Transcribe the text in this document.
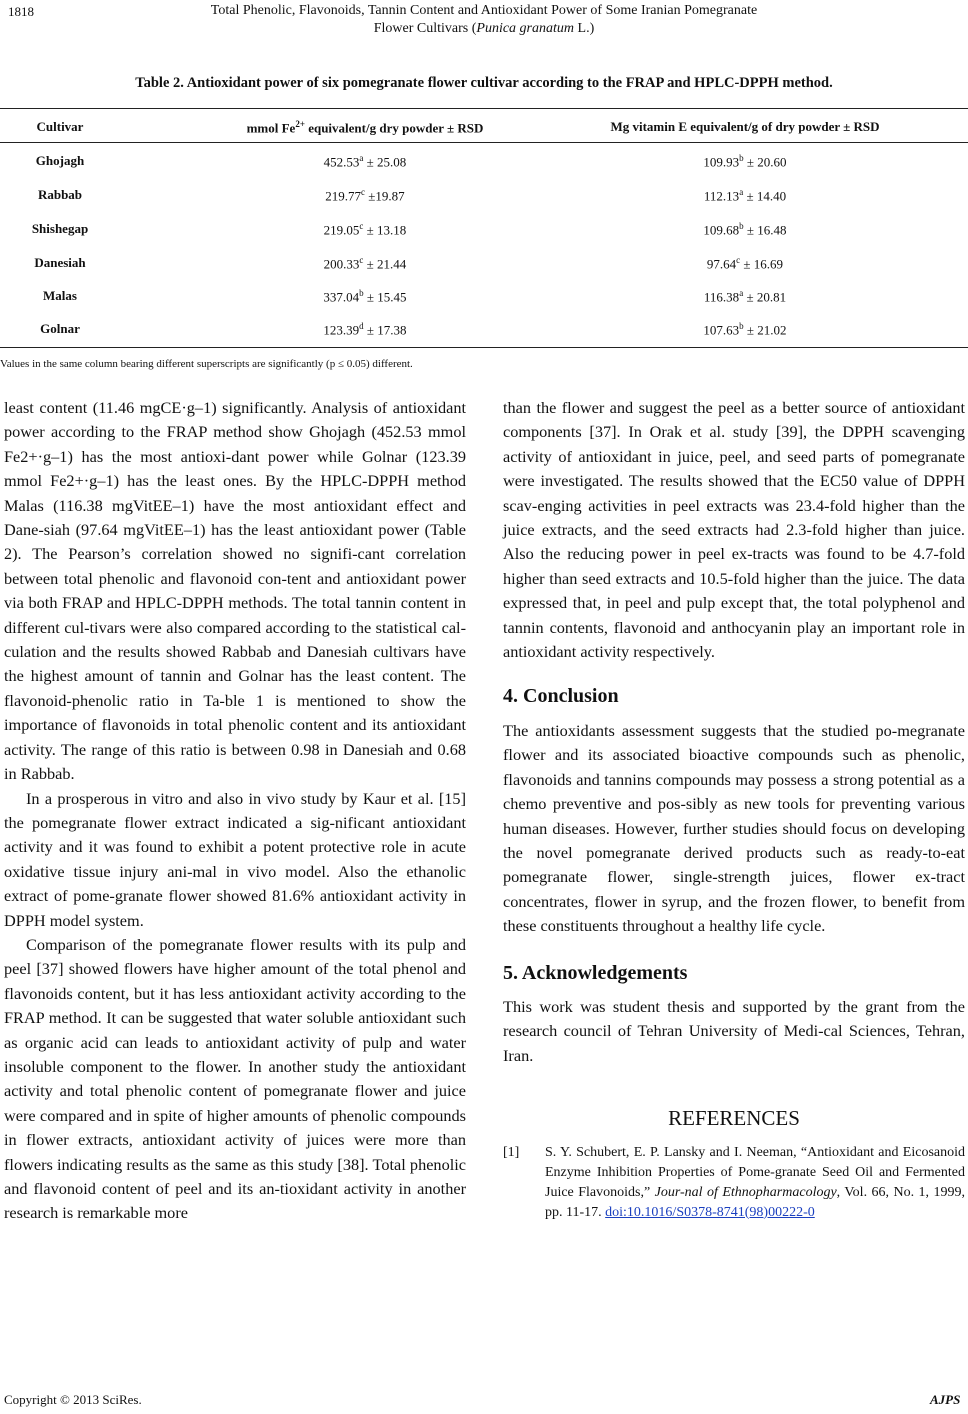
1818	Total Phenolic, Flavonoids, Tannin Content and Antioxidant Power of Some Iranian Pomegranate
Flower Cultivars (Punica granatum L.)
Table 2. Antioxidant power of six pomegranate flower cultivar according to the FRAP and HPLC-DPPH method.
Cultivar	mmol $Fe^{2+}$ equivalent/g dry powder ± RSD	Mg vitamin E equivalent/g of dry powder ± RSD
Ghojagh	452.53$^a$ ± 25.08	109.93$^b$ ± 20.60
Rabbab	219.77$^c$ ±19.87	112.13$^a$ ± 14.40
Shishegap	219.05$^c$ ± 13.18	109.68$^b$ ± 16.48
Danesiah	200.33$^c$ ± 21.44	97.64$^c$ ± 16.69
Malas	337.04$^b$ ± 15.45	116.38$^a$ ± 20.81
Golnar	123.39$^d$ ± 17.38	107.63$^b$ ± 21.02
Values in the same column bearing different superscripts are significantly (p ≤ 0.05) different.

least content (11.46 mgCE·g–1) significantly. Analysis of antioxidant power according to the FRAP method show Ghojagh (452.53 mmol Fe2+·g–1) has the most antioxi-dant power while Golnar (123.39 mmol Fe2+·g–1) has the least ones. By the HPLC-DPPH method Malas (116.38 mgVitEE–1) have the most antioxidant effect and Dane-siah (97.64 mgVitEE–1) has the least antioxidant power (Table 2). The Pearson’s correlation showed no signifi-cant correlation between total phenolic and flavonoid con-tent and antioxidant power via both FRAP and HPLC-DPPH methods. The total tannin content in different cul-tivars were also compared according to the statistical cal-culation and the results showed Rabbab and Danesiah cultivars have the highest amount of tannin and Golnar has the least content. The flavonoid-phenolic ratio in Ta-ble 1 is mentioned to show the importance of flavonoids in total phenolic content and its antioxidant activity. The range of this ratio is between 0.98 in Danesiah and 0.68 in Rabbab.

In a prosperous in vitro and also in vivo study by Kaur et al. [15] the pomegranate flower extract indicated a sig-nificant antioxidant activity and it was found to exhibit a potent protective role in acute oxidative tissue injury ani-mal in vivo model. Also the ethanolic extract of pome-granate flower showed 81.6% antioxidant activity in DPPH model system.

Comparison of the pomegranate flower results with its pulp and peel [37] showed flowers have higher amount of the total phenol and flavonoids content, but it has less antioxidant activity according to the FRAP method. It can be suggested that water soluble antioxidant such as organic acid can leads to antioxidant activity of pulp and water insoluble component to the flower. In another study the antioxidant activity and total phenolic content of pomegranate flower and juice were compared and in spite of higher amounts of phenolic compounds in flower extracts, antioxidant activity of juices were more than flowers indicating results as the same as this study [38]. Total phenolic and flavonoid content of peel and its an-tioxidant activity in another research is remarkable more

than the flower and suggest the peel as a better source of antioxidant components [37]. In Orak et al. study [39], the DPPH scavenging activity of antioxidant in juice, peel, and seed parts of pomegranate were investigated. The results showed that the EC50 value of DPPH scav-enging activities in peel extracts was 23.4-fold higher than the juice extracts, and the seed extracts had 2.3-fold higher than juice. Also the reducing power in peel ex-tracts was found to be 4.7-fold higher than seed extracts and 10.5-fold higher than the juice. The data expressed that, in peel and pulp except that, the total polyphenol and tannin contents, flavonoid and anthocyanin play an important role in antioxidant activity respectively.

4. Conclusion

The antioxidants assessment suggests that the studied po-megranate flower and its associated bioactive compounds such as phenolic, flavonoids and tannins compounds may possess a strong potential as a chemo preventive and pos-sibly as new tools for preventing various human diseases. However, further studies should focus on developing the novel pomegranate derived products such as ready-to-eat pomegranate flower, single-strength juices, flower ex-tract concentrates, flower in syrup, and the frozen flower, to benefit from these constituents throughout a healthy life cycle.

5. Acknowledgements

This work was student thesis and supported by the grant from the research council of Tehran University of Medi-cal Sciences, Tehran, Iran.

REFERENCES
[1] S. Y. Schubert, E. P. Lansky and I. Neeman, “Antioxidant and Eicosanoid Enzyme Inhibition Properties of Pome-granate Seed Oil and Fermented Juice Flavonoids,” Jour-nal of Ethnopharmacology, Vol. 66, No. 1, 1999, pp. 11-17. doi:10.1016/S0378-8741(98)00222-0
Copyright © 2013 SciRes.	AJPS
